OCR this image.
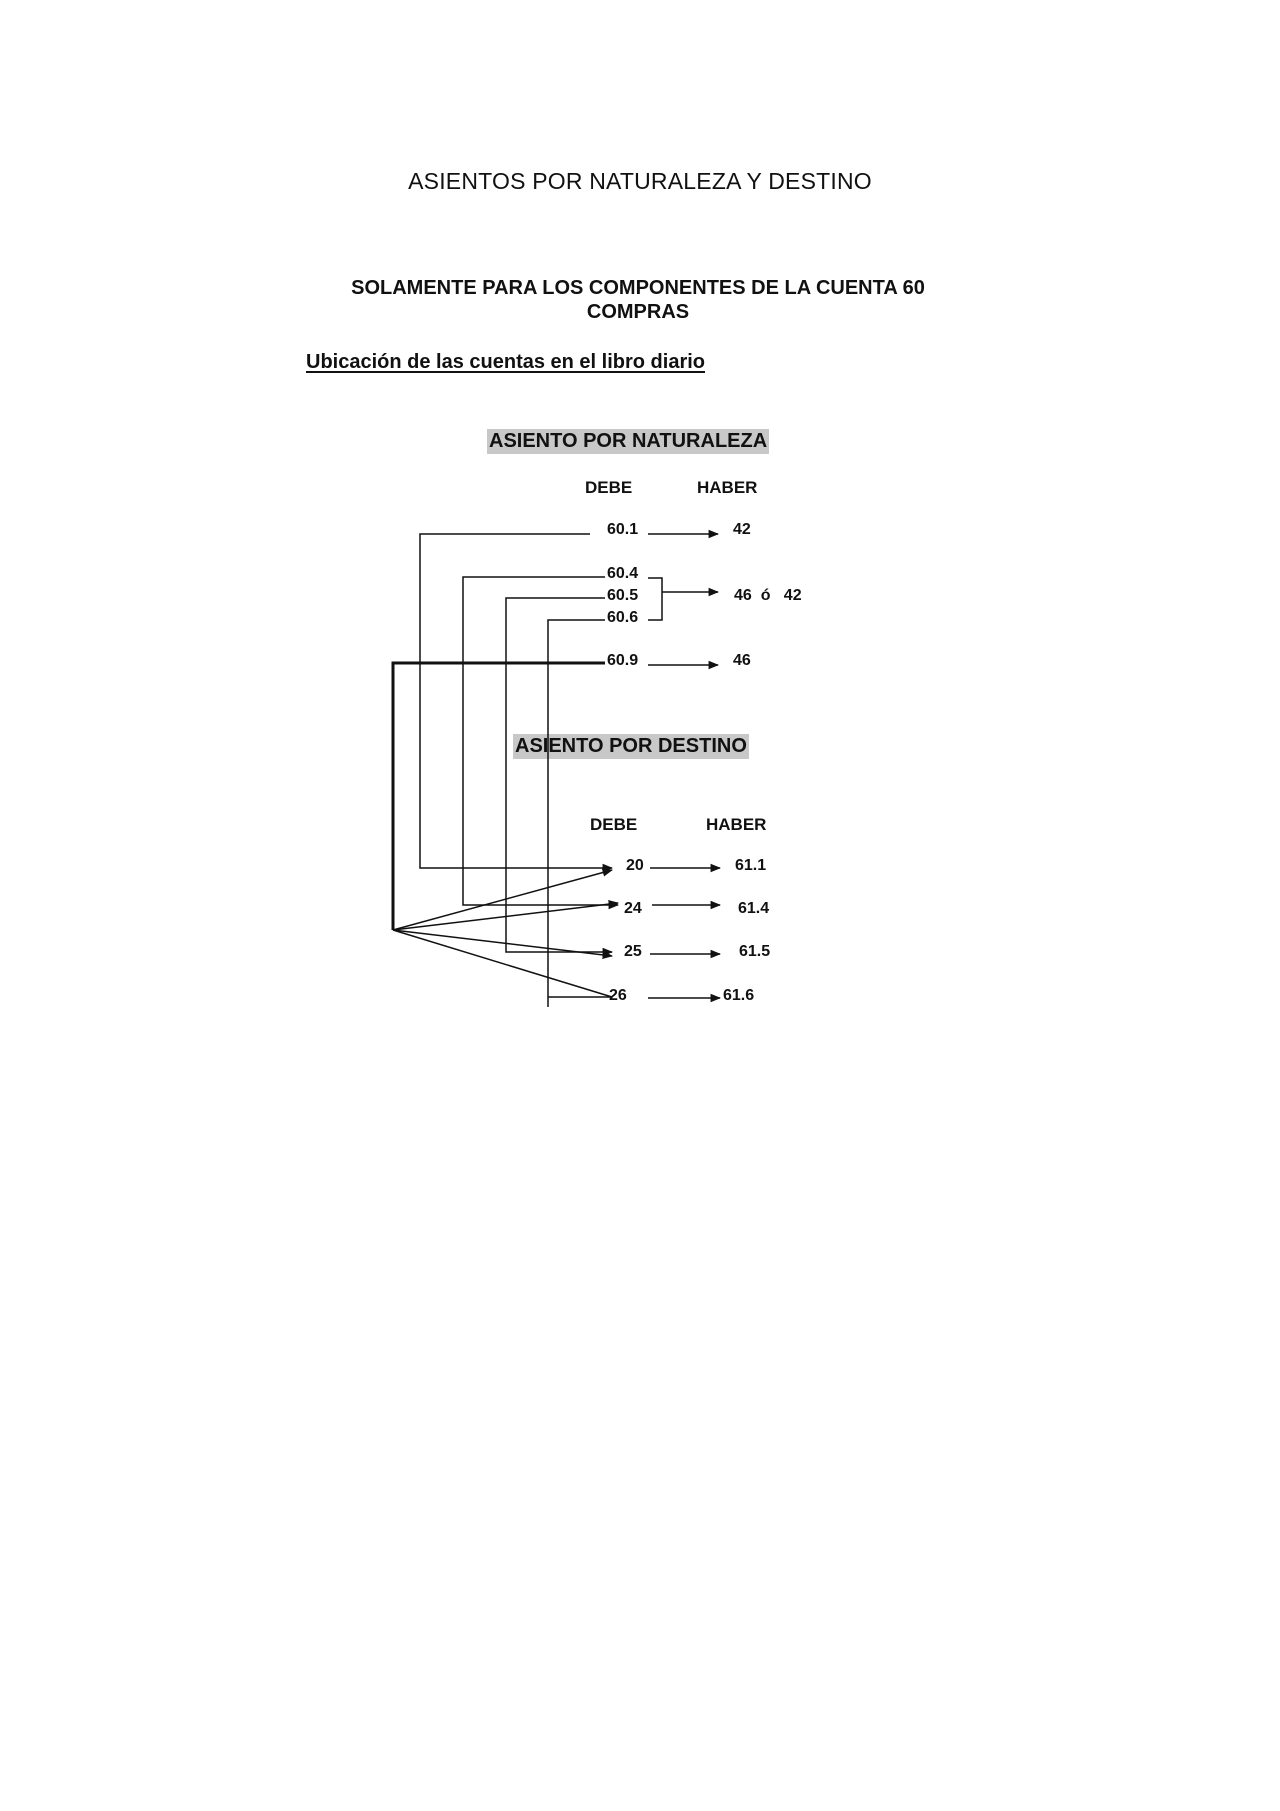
ASIENTOS POR NATURALEZA Y DESTINO
SOLAMENTE PARA LOS COMPONENTES DE LA CUENTA 60
COMPRAS
Ubicación de las cuentas en el libro diario
ASIENTO POR NATURALEZA
ASIENTO POR DESTINO
DEBE	HABER
DEBE	HABER
60.1	42
60.4
60.5	46  ó   42
60.6
60.9	46
20	61.1
24	61.4
25	61.5
26	61.6
